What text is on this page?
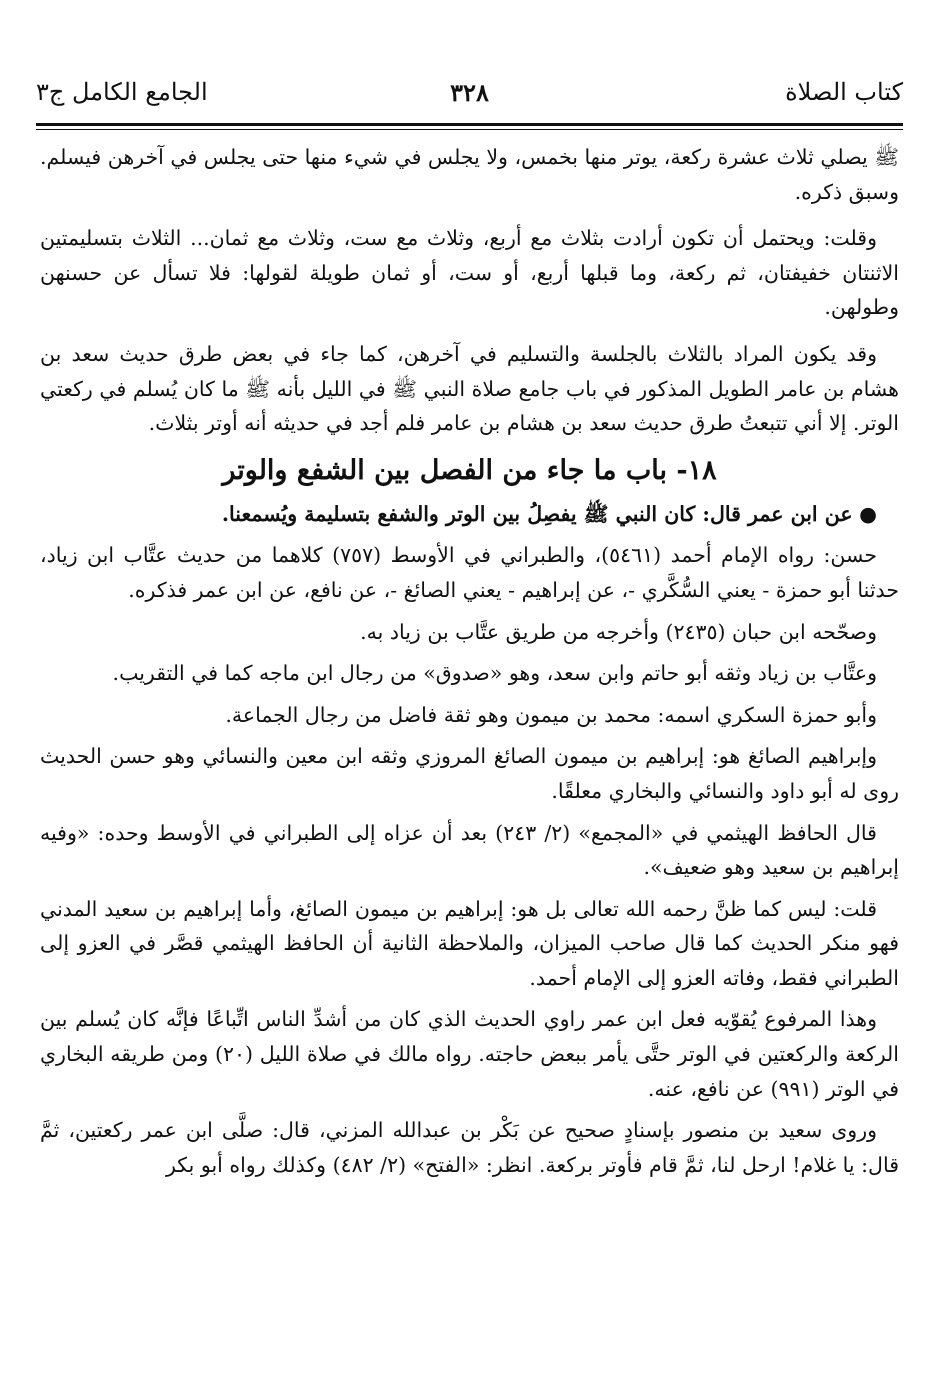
٣٢٨	كتاب الصلاة
الجامع الكامل ج٣

ﷺ يصلي ثلاث عشرة ركعة، يوتر منها بخمس، ولا يجلس في شيء منها حتى يجلس في آخرهن فيسلم. وسبق ذكره.

وقلت: ويحتمل أن تكون أرادت بثلاث مع أربع، وثلاث مع ست، وثلاث مع ثمان... الثلاث بتسليمتين الاثنتان خفيفتان، ثم ركعة، وما قبلها أربع، أو ست، أو ثمان طويلة لقولها: فلا تسأل عن حسنهن وطولهن.

وقد يكون المراد بالثلاث بالجلسة والتسليم في آخرهن، كما جاء في بعض طرق حديث سعد بن هشام بن عامر الطويل المذكور في باب جامع صلاة النبي ﷺ في الليل بأنه ﷺ ما كان يُسلم في ركعتي الوتر. إلا أني تتبعتُ طرق حديث سعد بن هشام بن عامر فلم أجد في حديثه أنه أوتر بثلاث.

١٨- باب ما جاء من الفصل بين الشفع والوتر

● عن ابن عمر قال: كان النبي ﷺ يفصِلُ بين الوتر والشفع بتسليمة ويُسمعنا.

حسن: رواه الإمام أحمد (٥٤٦١)، والطبراني في الأوسط (٧٥٧) كلاهما من حديث عتَّاب ابن زياد، حدثنا أبو حمزة - يعني السُّكَّري -، عن إبراهيم - يعني الصائغ -، عن نافع، عن ابن عمر فذكره.

وصحّحه ابن حبان (٢٤٣٥) وأخرجه من طريق عتَّاب بن زياد به.

وعتَّاب بن زياد وثقه أبو حاتم وابن سعد، وهو «صدوق» من رجال ابن ماجه كما في التقريب.

وأبو حمزة السكري اسمه: محمد بن ميمون وهو ثقة فاضل من رجال الجماعة.

وإبراهيم الصائغ هو: إبراهيم بن ميمون الصائغ المروزي وثقه ابن معين والنسائي وهو حسن الحديث روى له أبو داود والنسائي والبخاري معلقًا.

قال الحافظ الهيثمي في «المجمع» (٢/ ٢٤٣) بعد أن عزاه إلى الطبراني في الأوسط وحده: «وفيه إبراهيم بن سعيد وهو ضعيف».

قلت: ليس كما ظنَّ رحمه الله تعالى بل هو: إبراهيم بن ميمون الصائغ، وأما إبراهيم بن سعيد المدني فهو منكر الحديث كما قال صاحب الميزان، والملاحظة الثانية أن الحافظ الهيثمي قصَّر في العزو إلى الطبراني فقط، وفاته العزو إلى الإمام أحمد.

وهذا المرفوع يُقوّيه فعل ابن عمر راوي الحديث الذي كان من أشدِّ الناس اتِّباعًا فإنَّه كان يُسلم بين الركعة والركعتين في الوتر حتَّى يأمر ببعض حاجته. رواه مالك في صلاة الليل (٢٠) ومن طريقه البخاري في الوتر (٩٩١) عن نافع، عنه.

وروى سعيد بن منصور بإسنادٍ صحيح عن بَكْر بن عبدالله المزني، قال: صلَّى ابن عمر ركعتين، ثمَّ قال: يا غلام! ارحل لنا، ثمَّ قام فأوتر بركعة. انظر: «الفتح» (٢/ ٤٨٢) وكذلك رواه أبو بكر
